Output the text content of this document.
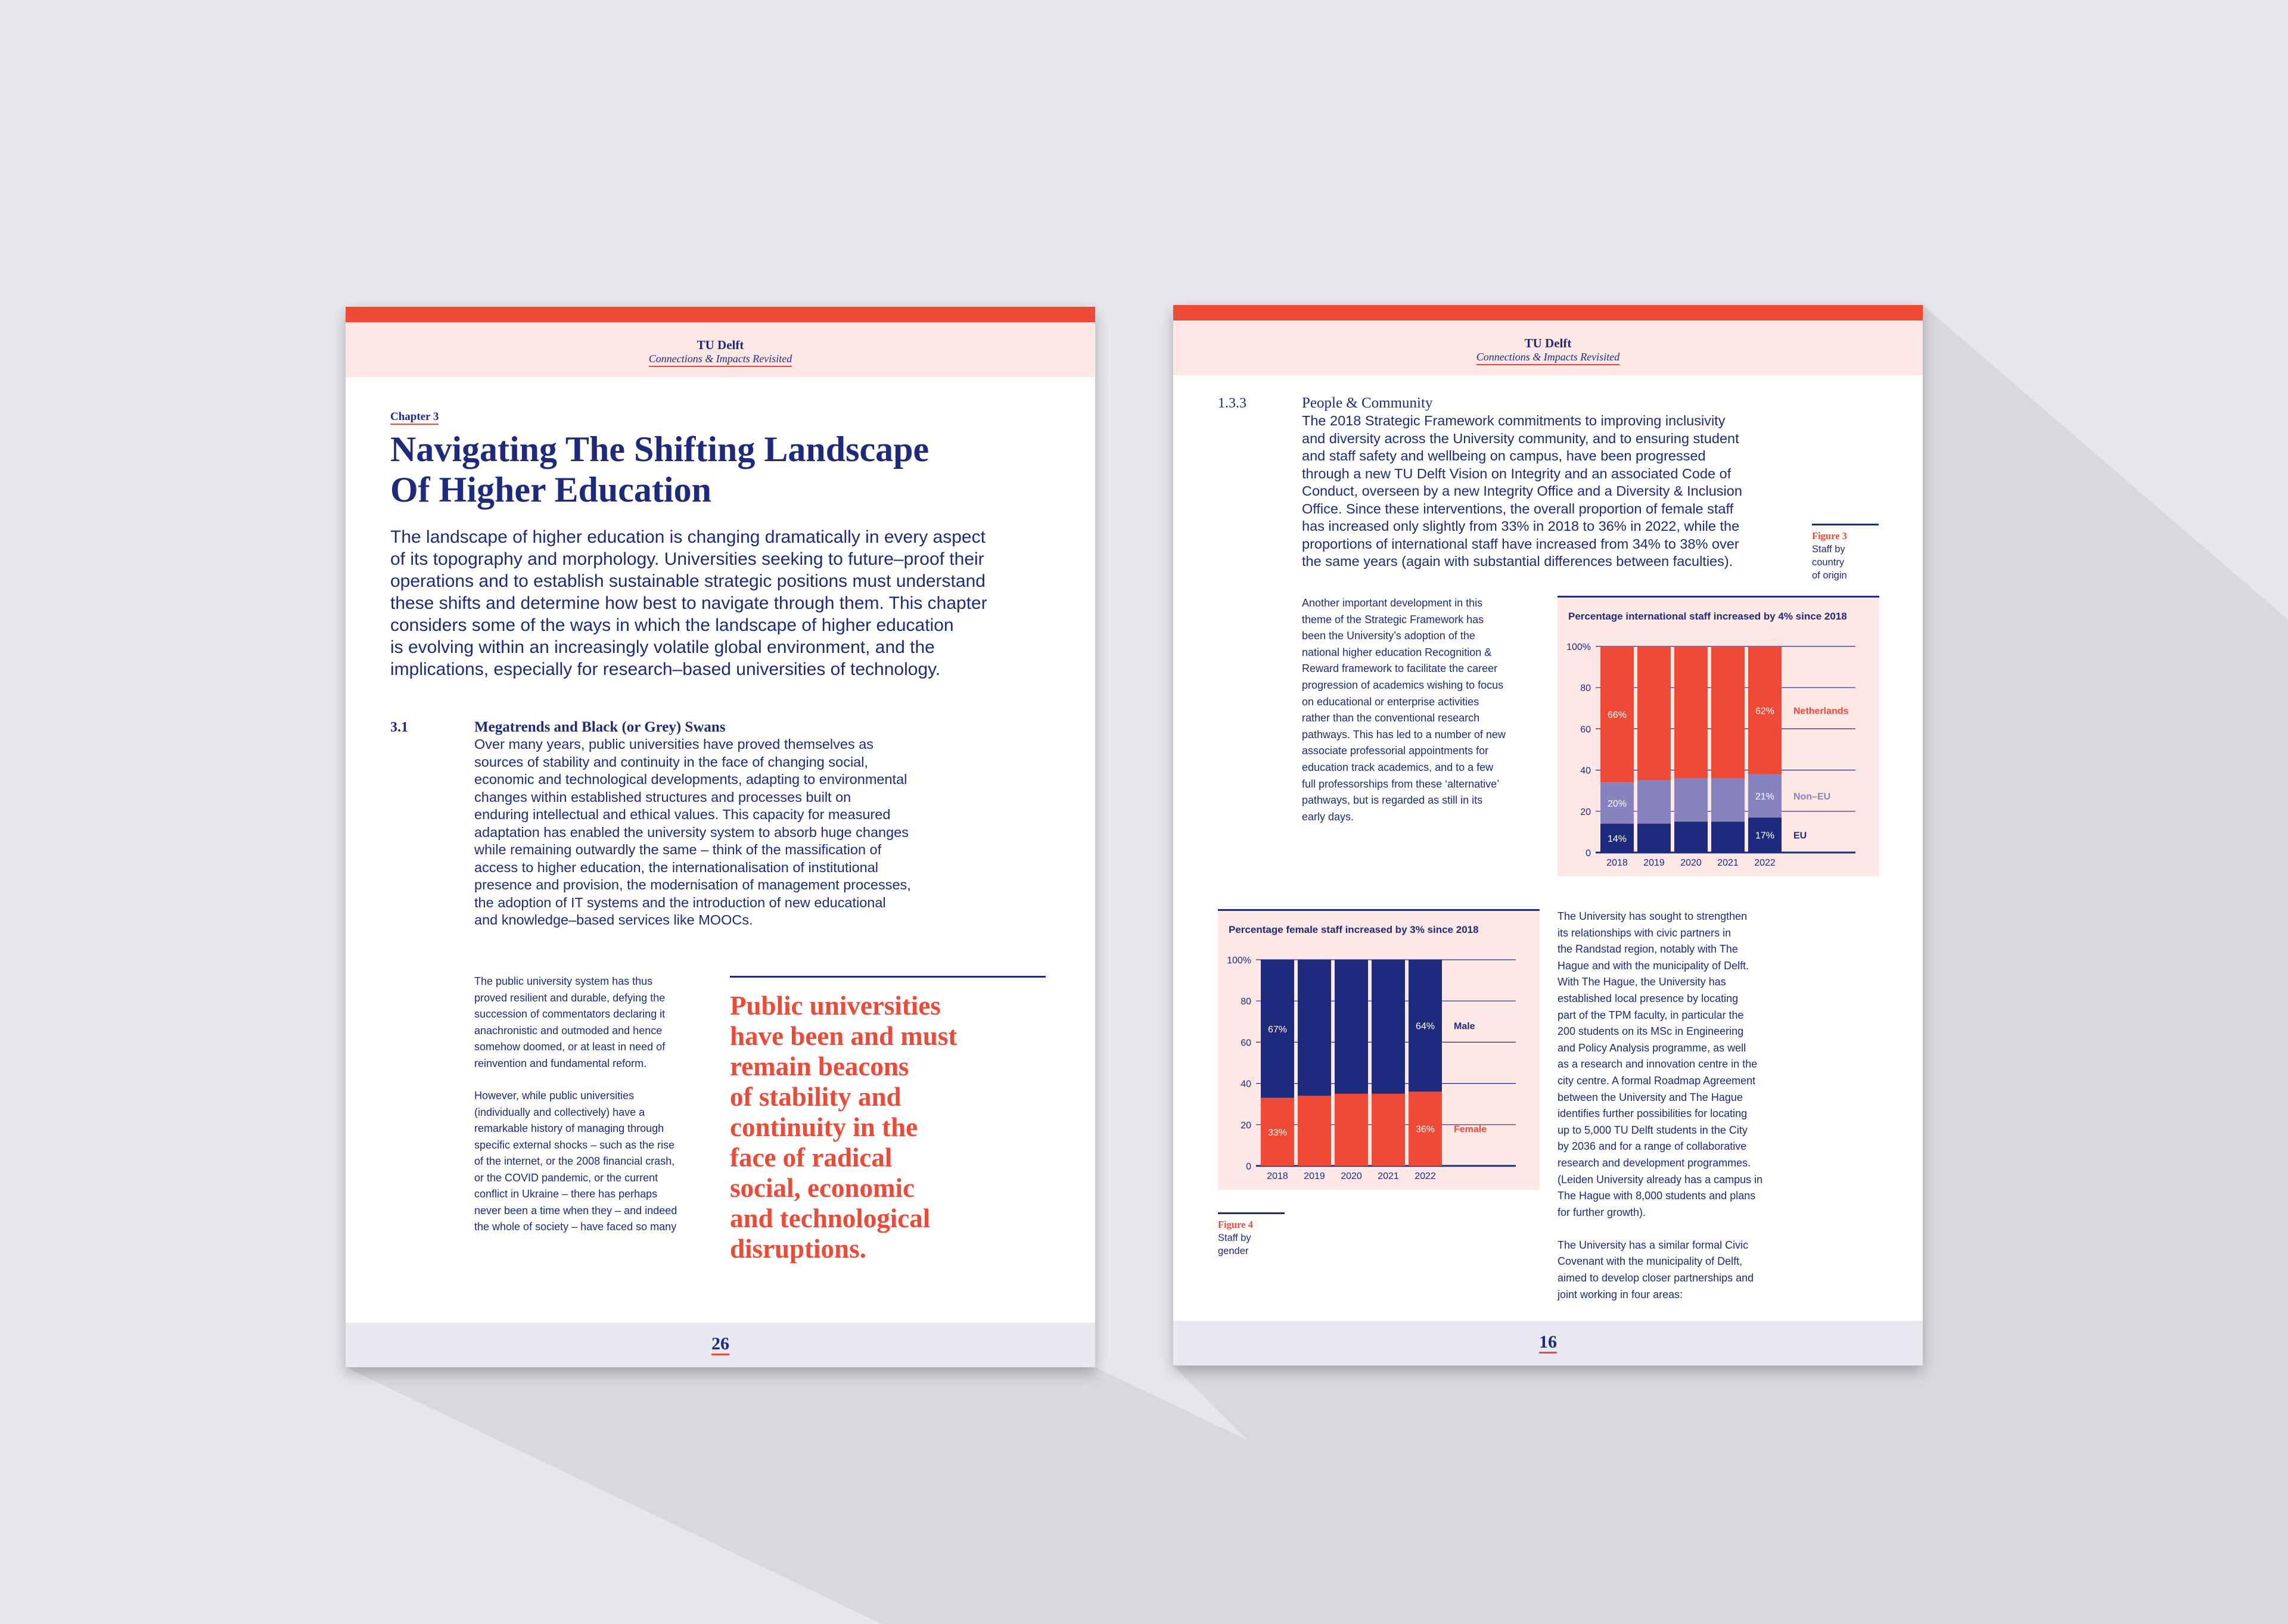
TU Delft
Connections & Impacts Revisited
Chapter 3
Navigating The Shifting Landscape
Of Higher Education
The landscape of higher education is changing dramatically in every aspect
of its topography and morphology. Universities seeking to future–proof their
operations and to establish sustainable strategic positions must understand
these shifts and determine how best to navigate through them. This chapter
considers some of the ways in which the landscape of higher education
is evolving within an increasingly volatile global environment, and the
implications, especially for research–based universities of technology.
3.1	Megatrends and Black (or Grey) Swans
Over many years, public universities have proved themselves as
sources of stability and continuity in the face of changing social,
economic and technological developments, adapting to environmental
changes within established structures and processes built on
enduring intellectual and ethical values. This capacity for measured
adaptation has enabled the university system to absorb huge changes
while remaining outwardly the same – think of the massification of
access to higher education, the internationalisation of institutional
presence and provision, the modernisation of management processes,
the adoption of IT systems and the introduction of new educational
and knowledge–based services like MOOCs.
The public university system has thus
proved resilient and durable, defying the
succession of commentators declaring it
anachronistic and outmoded and hence
somehow doomed, or at least in need of
reinvention and fundamental reform.
However, while public universities
(individually and collectively) have a
remarkable history of managing through
specific external shocks – such as the rise
of the internet, or the 2008 financial crash,
or the COVID pandemic, or the current
conflict in Ukraine – there has perhaps
never been a time when they – and indeed
the whole of society – have faced so many
Public universities
have been and must
remain beacons
of stability and
continuity in the
face of radical
social, economic
and technological
disruptions.
26
TU Delft
Connections & Impacts Revisited
1.3.3	People & Community
The 2018 Strategic Framework commitments to improving inclusivity
and diversity across the University community, and to ensuring student
and staff safety and wellbeing on campus, have been progressed
through a new TU Delft Vision on Integrity and an associated Code of
Conduct, overseen by a new Integrity Office and a Diversity & Inclusion
Office. Since these interventions, the overall proportion of female staff
has increased only slightly from 33% in 2018 to 36% in 2022, while the
proportions of international staff have increased from 34% to 38% over
the same years (again with substantial differences between faculties).
Figure 3
Staff by
country
of origin
Another important development in this
theme of the Strategic Framework has
been the University’s adoption of the
national higher education Recognition &
Reward framework to facilitate the career
progression of academics wishing to focus
on educational or enterprise activities
rather than the conventional research
pathways. This has led to a number of new
associate professorial appointments for
education track academics, and to a few
full professorships from these ‘alternative’
pathways, but is regarded as still in its
early days.
Percentage international staff increased by 4% since 2018
0
20
40
60
80
100%
2018 2019 2020 2021 2022
14%
20%
66%
17%
21%
62%
EU
Non–EU
Netherlands
Percentage female staff increased by 3% since 2018
0
20
40
60
80
100%
2018 2019 2020 2021 2022
33%
67%
36%
64%
Female
Male
Figure 4
Staff by
gender
The University has sought to strengthen
its relationships with civic partners in
the Randstad region, notably with The
Hague and with the municipality of Delft.
With The Hague, the University has
established local presence by locating
part of the TPM faculty, in particular the
200 students on its MSc in Engineering
and Policy Analysis programme, as well
as a research and innovation centre in the
city centre. A formal Roadmap Agreement
between the University and The Hague
identifies further possibilities for locating
up to 5,000 TU Delft students in the City
by 2036 and for a range of collaborative
research and development programmes.
(Leiden University already has a campus in
The Hague with 8,000 students and plans
for further growth).
The University has a similar formal Civic
Covenant with the municipality of Delft,
aimed to develop closer partnerships and
joint working in four areas:
16
